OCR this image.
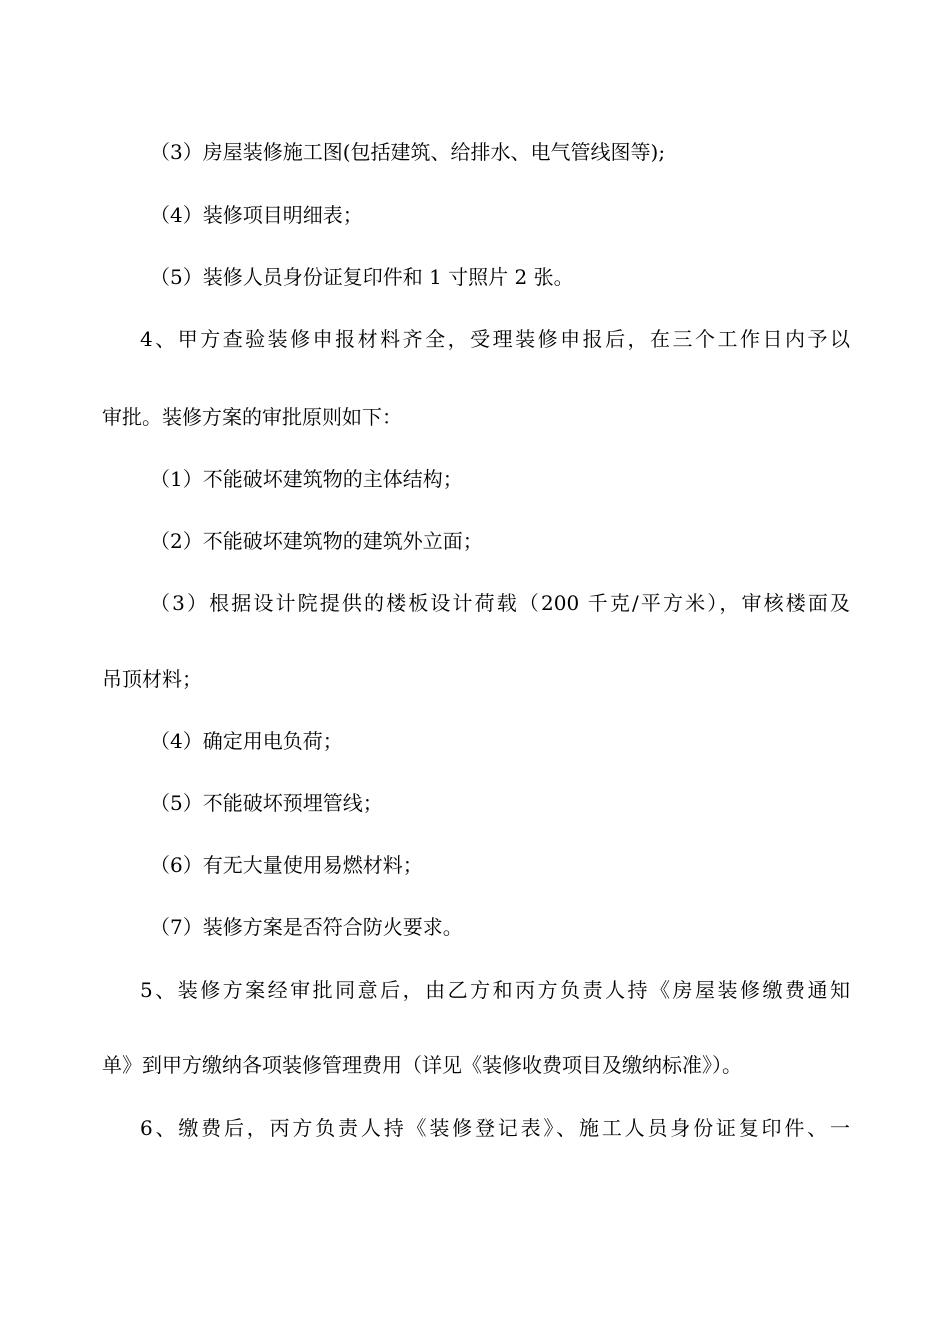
（3）房屋装修施工图(包括建筑、给排水、电气管线图等);
（4）装修项目明细表；
（5）装修人员身份证复印件和 1 寸照片 2 张。
4、甲方查验装修申报材料齐全，受理装修申报后，在三个工作日内予以
审批。装修方案的审批原则如下：
（1）不能破坏建筑物的主体结构；
（2）不能破坏建筑物的建筑外立面；
（3）根据设计院提供的楼板设计荷载（200 千克/平方米），审核楼面及
吊顶材料；
（4）确定用电负荷；
（5）不能破坏预埋管线；
（6）有无大量使用易燃材料；
（7）装修方案是否符合防火要求。
5、装修方案经审批同意后，由乙方和丙方负责人持《房屋装修缴费通知
单》到甲方缴纳各项装修管理费用（详见《装修收费项目及缴纳标准》）。
6、缴费后，丙方负责人持《装修登记表》、施工人员身份证复印件、一
